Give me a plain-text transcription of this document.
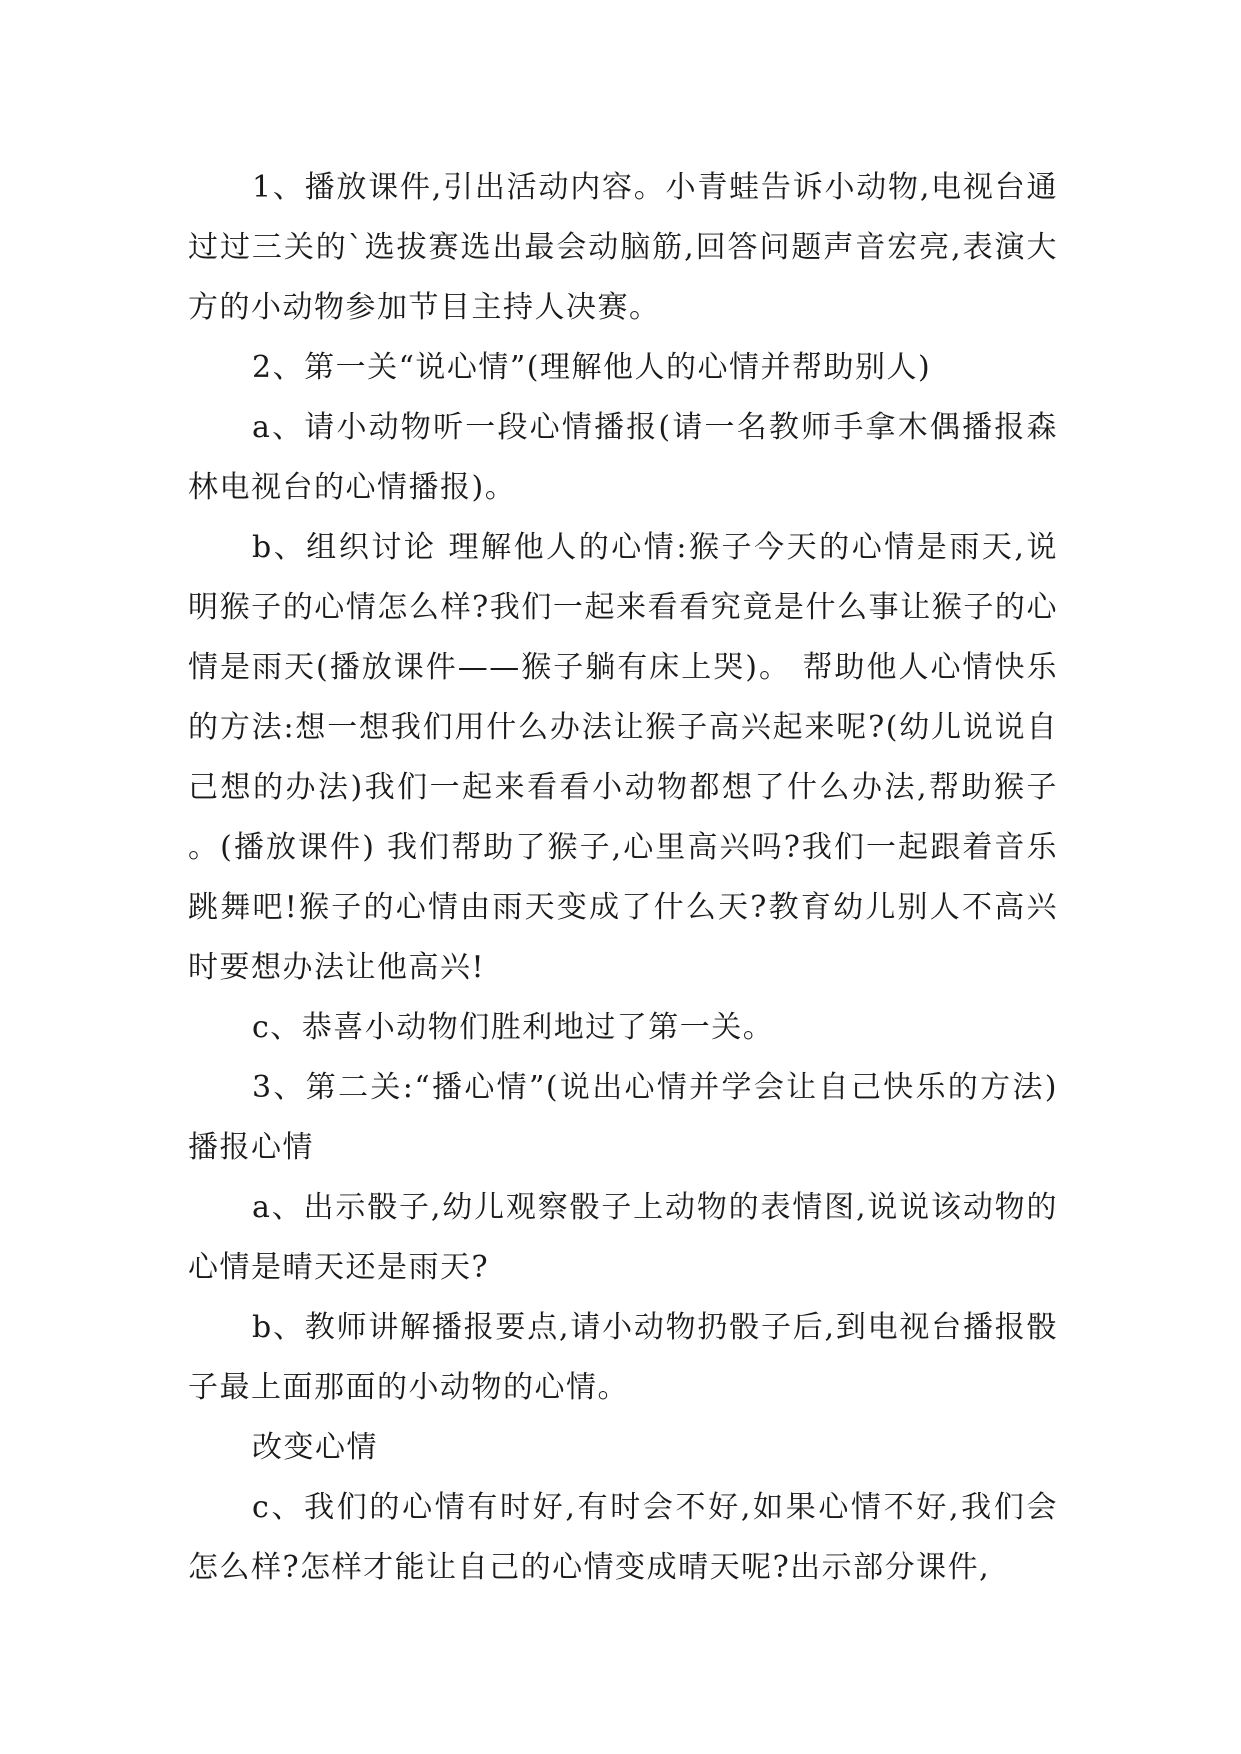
1、播放课件,引出活动内容。小青蛙告诉小动物,电视台通过过三关的`选拔赛选出最会动脑筋,回答问题声音宏亮,表演大方的小动物参加节目主持人决赛。

2、第一关“说心情”(理解他人的心情并帮助别人)

a、请小动物听一段心情播报(请一名教师手拿木偶播报森林电视台的心情播报)。

b、组织讨论 理解他人的心情:猴子今天的心情是雨天,说明猴子的心情怎么样?我们一起来看看究竟是什么事让猴子的心情是雨天(播放课件——猴子躺有床上哭)。 帮助他人心情快乐的方法:想一想我们用什么办法让猴子高兴起来呢?(幼儿说说自己想的办法)我们一起来看看小动物都想了什么办法,帮助猴子。(播放课件) 我们帮助了猴子,心里高兴吗?我们一起跟着音乐跳舞吧!猴子的心情由雨天变成了什么天?教育幼儿别人不高兴时要想办法让他高兴!

c、恭喜小动物们胜利地过了第一关。

3、第二关:“播心情”(说出心情并学会让自己快乐的方法)播报心情

a、出示骰子,幼儿观察骰子上动物的表情图,说说该动物的心情是晴天还是雨天?

b、教师讲解播报要点,请小动物扔骰子后,到电视台播报骰子最上面那面的小动物的心情。

改变心情

c、我们的心情有时好,有时会不好,如果心情不好,我们会怎么样?怎样才能让自己的心情变成晴天呢?出示部分课件,
